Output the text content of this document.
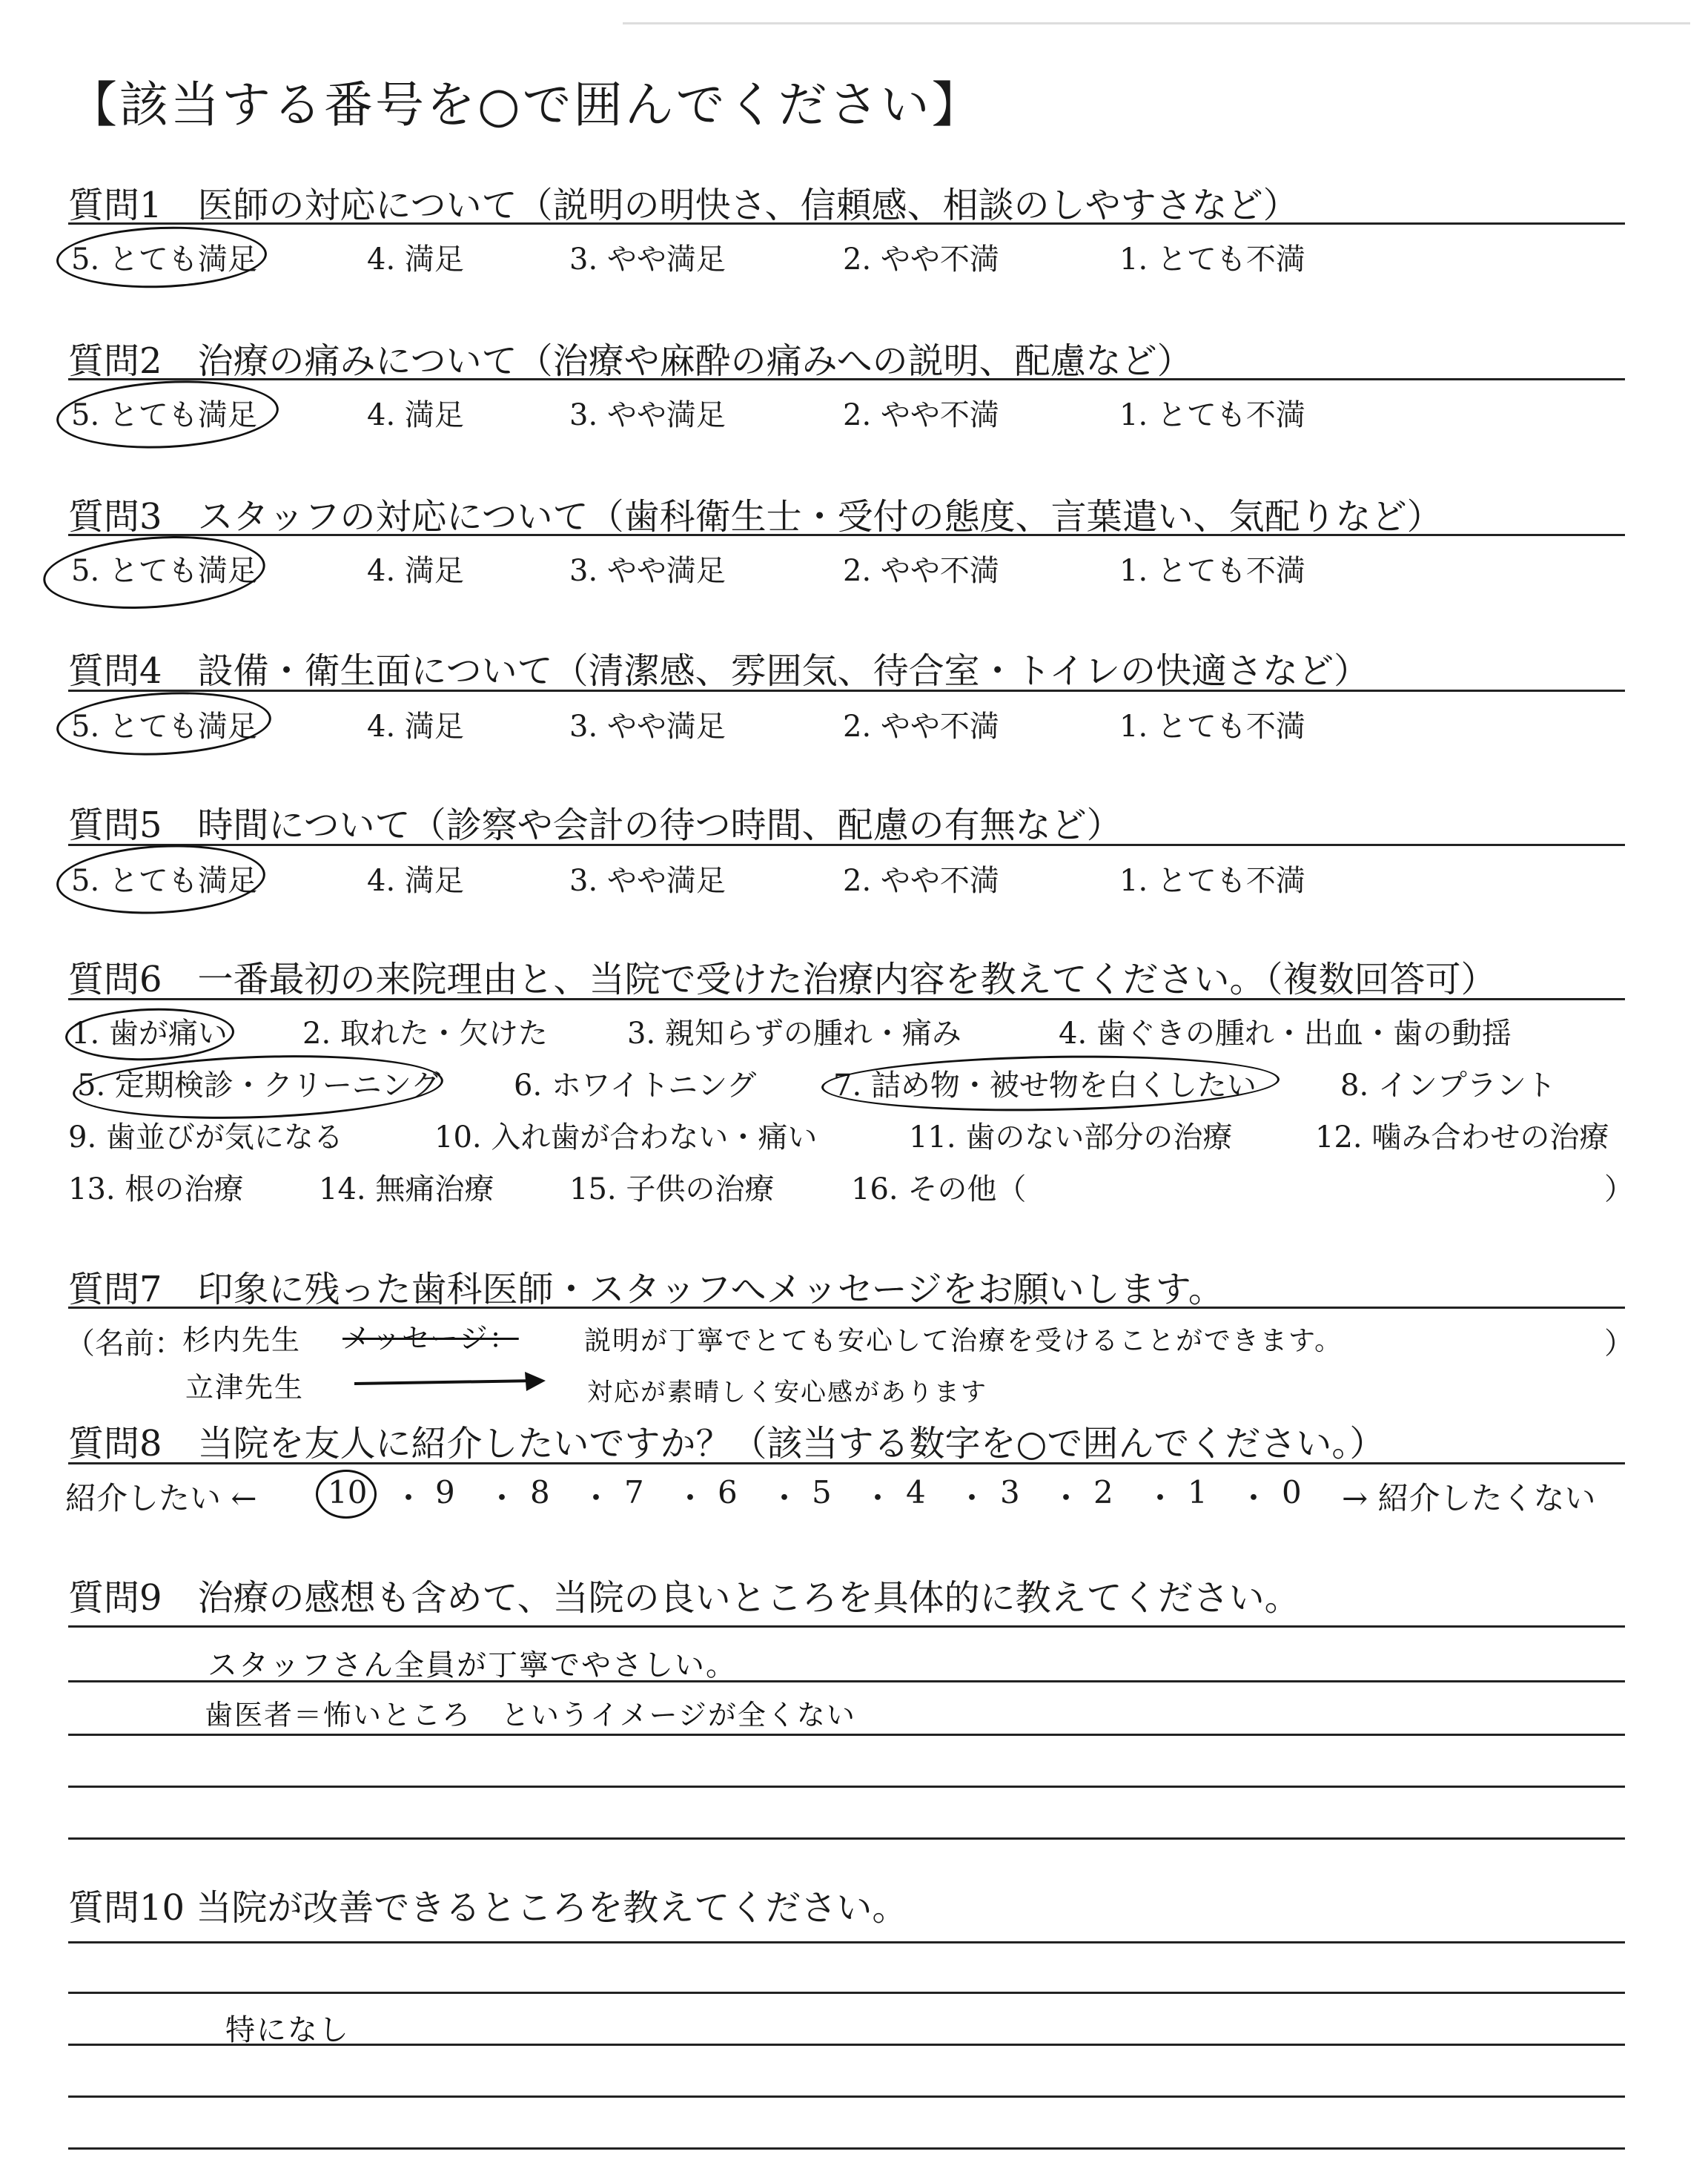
【該当する番号を○で囲んでください】
質問1　医師の対応について（説明の明快さ、信頼感、相談のしやすさなど）
5. とても満足	4. 満足	3. やや満足	2. やや不満	1. とても不満
質問2　治療の痛みについて（治療や麻酔の痛みへの説明、配慮など）
5. とても満足	4. 満足	3. やや満足	2. やや不満	1. とても不満
質問3　スタッフの対応について（歯科衛生士・受付の態度、言葉遣い、気配りなど）
5. とても満足	4. 満足	3. やや満足	2. やや不満	1. とても不満
質問4　設備・衛生面について（清潔感、雰囲気、待合室・トイレの快適さなど）
5. とても満足	4. 満足	3. やや満足	2. やや不満	1. とても不満
質問5　時間について（診察や会計の待つ時間、配慮の有無など）
5. とても満足	4. 満足	3. やや満足	2. やや不満	1. とても不満
質問6　一番最初の来院理由と、当院で受けた治療内容を教えてください。（複数回答可）
1. 歯が痛い	2. 取れた・欠けた	3. 親知らずの腫れ・痛み	4. 歯ぐきの腫れ・出血・歯の動揺
5. 定期検診・クリーニング 6. ホワイトニング	7. 詰め物・被せ物を白くしたい	8. インプラント
9. 歯並びが気になる	10. 入れ歯が合わない・痛い	11. 歯のない部分の治療	12. 噛み合わせの治療
13. 根の治療	14. 無痛治療	15. 子供の治療	16. その他（	）
質問7　印象に残った歯科医師・スタッフへメッセージをお願いします。
（名前：
杉内先生 メッセージ： 説明が丁寧でとても安心して治療を受けることができます。	）
立津先生	対応が素晴しく安心感があります
質問8　当院を友人に紹介したいですか？（該当する数字を○で囲んでください。）
紹介したい ← 10 ・ 9 ・ 8 ・ 7 ・ 6 ・ 5 ・ 4 ・ 3 ・ 2 ・ 1 ・ 0 → 紹介したくない
質問9　治療の感想も含めて、当院の良いところを具体的に教えてください。
スタッフさん全員が丁寧でやさしい。
歯医者＝怖いところ　というイメージが全くない
質問10 当院が改善できるところを教えてください。
特になし
